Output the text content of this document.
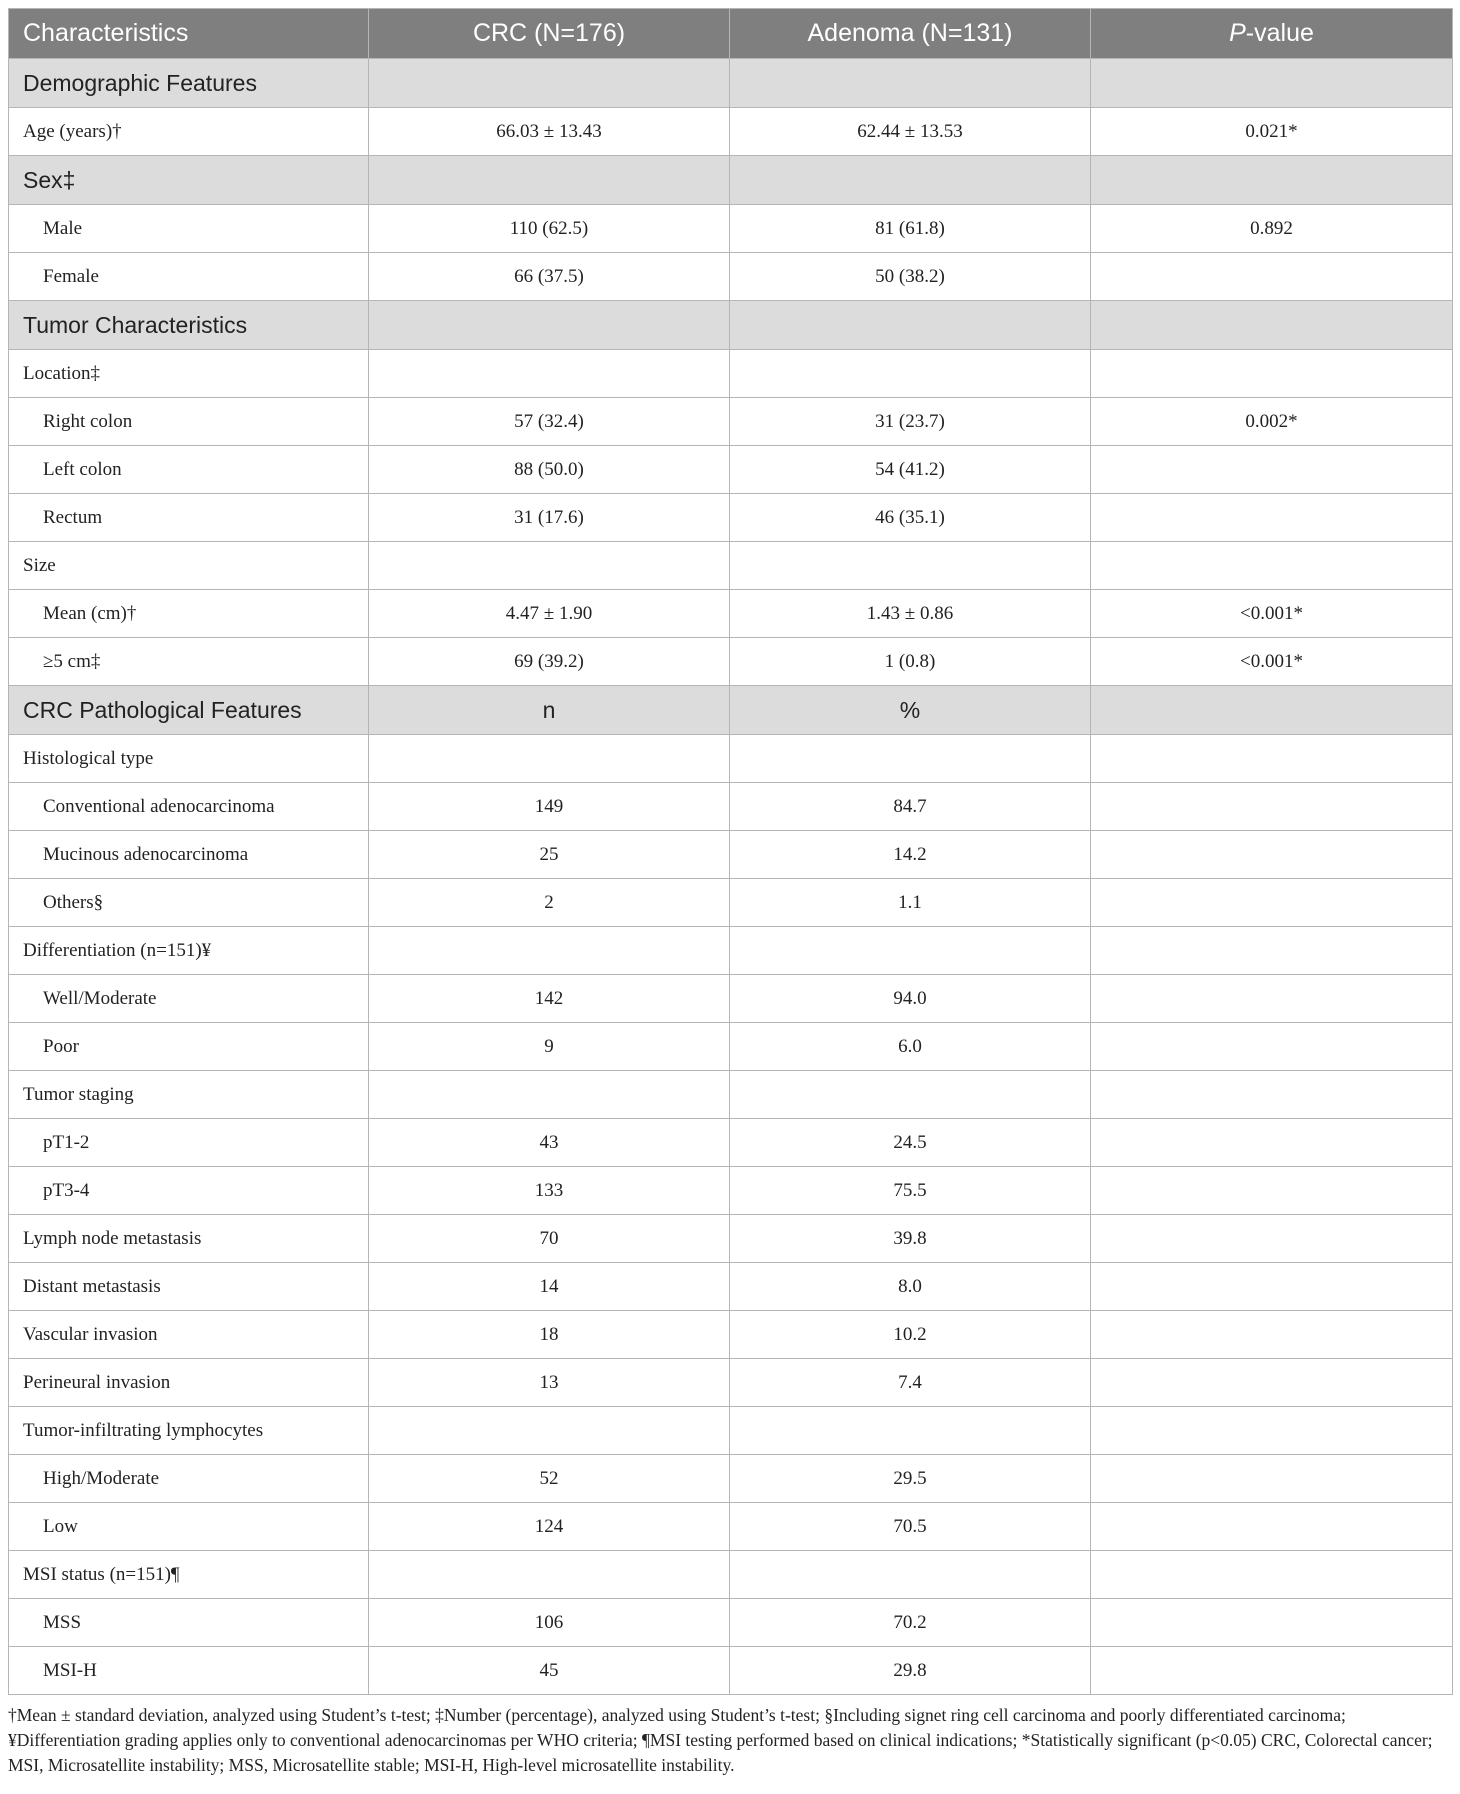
Characteristics	CRC (N=176)	Adenoma (N=131)	P-value
Demographic Features			
Age (years)†	66.03 ± 13.43	62.44 ± 13.53	0.021*
Sex‡			
Male	110 (62.5)	81 (61.8)	0.892
Female	66 (37.5)	50 (38.2)	
Tumor Characteristics			
Location‡			
Right colon	57 (32.4)	31 (23.7)	0.002*
Left colon	88 (50.0)	54 (41.2)	
Rectum	31 (17.6)	46 (35.1)	
Size			
Mean (cm)†	4.47 ± 1.90	1.43 ± 0.86	<0.001*
≥5 cm‡	69 (39.2)	1 (0.8)	<0.001*
CRC Pathological Features	n	%	
Histological type			
Conventional adenocarcinoma	149	84.7	
Mucinous adenocarcinoma	25	14.2	
Others§	2	1.1	
Differentiation (n=151)¥			
Well/Moderate	142	94.0	
Poor	9	6.0	
Tumor staging			
pT1-2	43	24.5	
pT3-4	133	75.5	
Lymph node metastasis	70	39.8	
Distant metastasis	14	8.0	
Vascular invasion	18	10.2	
Perineural invasion	13	7.4	
Tumor-infiltrating lymphocytes			
High/Moderate	52	29.5	
Low	124	70.5	
MSI status (n=151)¶			
MSS	106	70.2	
MSI-H	45	29.8	
†Mean ± standard deviation, analyzed using Student’s t-test; ‡Number (percentage), analyzed using Student’s t-test; §Including signet ring cell carcinoma and poorly differentiated carcinoma; ¥Differentiation grading applies only to conventional adenocarcinomas per WHO criteria; ¶MSI testing performed based on clinical indications; *Statistically significant (p<0.05) CRC, Colorectal cancer; MSI, Microsatellite instability; MSS, Microsatellite stable; MSI-H, High-level microsatellite instability.
